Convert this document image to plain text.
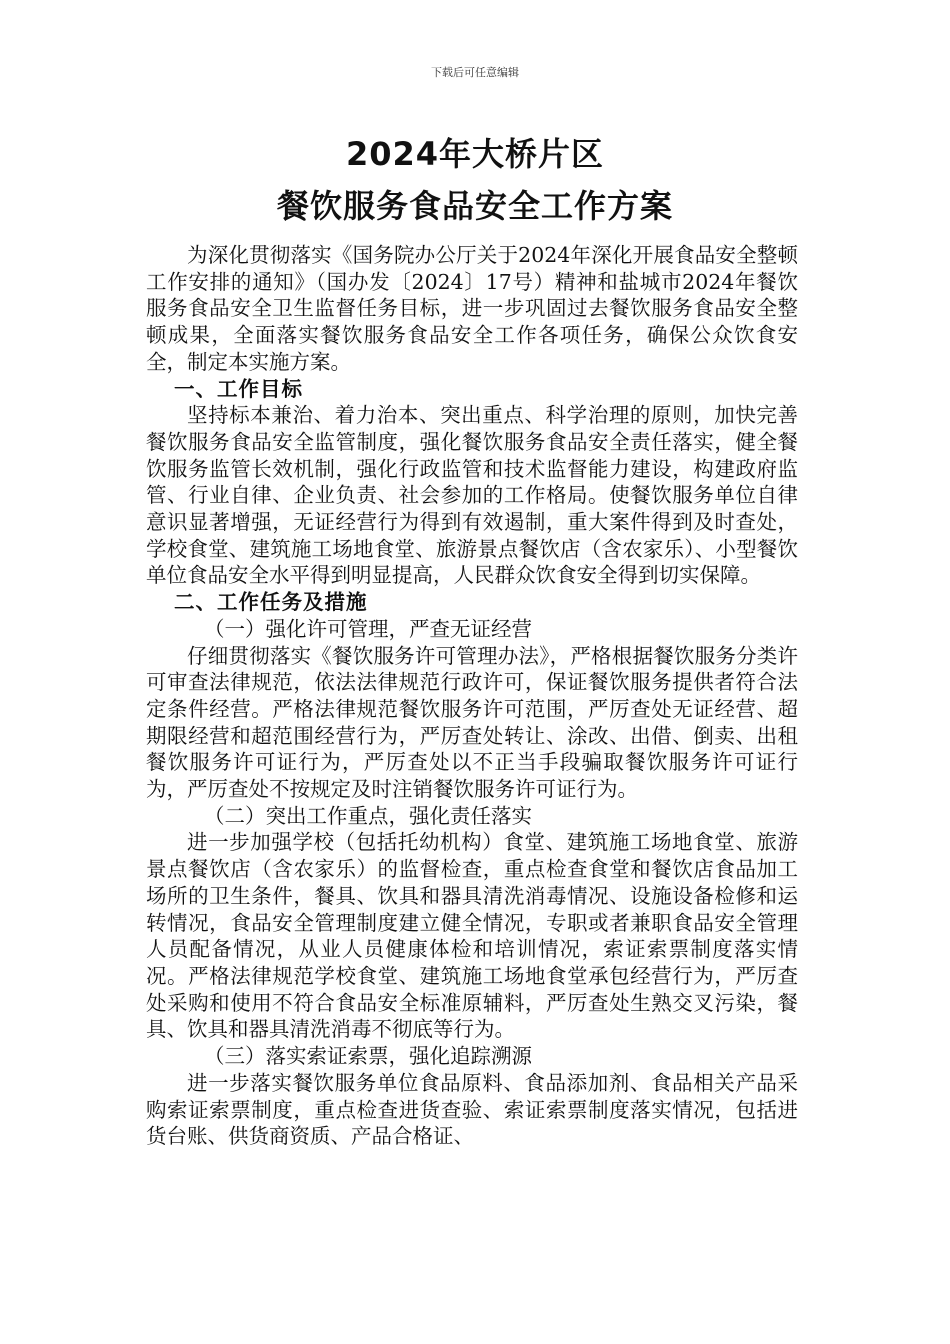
下载后可任意编辑
2024年大桥片区
餐饮服务食品安全工作方案

为深化贯彻落实《国务院办公厅关于2024年深化开展食品安全整顿工作安排的通知》（国办发〔2024〕17号）精神和盐城市2024年餐饮服务食品安全卫生监督任务目标，进一步巩固过去餐饮服务食品安全整顿成果，全面落实餐饮服务食品安全工作各项任务，确保公众饮食安全，制定本实施方案。

一、工作目标

坚持标本兼治、着力治本、突出重点、科学治理的原则，加快完善餐饮服务食品安全监管制度，强化餐饮服务食品安全责任落实，健全餐饮服务监管长效机制，强化行政监管和技术监督能力建设，构建政府监管、行业自律、企业负责、社会参加的工作格局。使餐饮服务单位自律意识显著增强，无证经营行为得到有效遏制，重大案件得到及时查处，学校食堂、建筑施工场地食堂、旅游景点餐饮店（含农家乐）、小型餐饮单位食品安全水平得到明显提高，人民群众饮食安全得到切实保障。

二、工作任务及措施

（一）强化许可管理，严查无证经营

仔细贯彻落实《餐饮服务许可管理办法》，严格根据餐饮服务分类许可审查法律规范，依法法律规范行政许可，保证餐饮服务提供者符合法定条件经营。严格法律规范餐饮服务许可范围，严厉查处无证经营、超期限经营和超范围经营行为，严厉查处转让、涂改、出借、倒卖、出租餐饮服务许可证行为，严厉查处以不正当手段骗取餐饮服务许可证行为，严厉查处不按规定及时注销餐饮服务许可证行为。

（二）突出工作重点，强化责任落实

进一步加强学校（包括托幼机构）食堂、建筑施工场地食堂、旅游景点餐饮店（含农家乐）的监督检查，重点检查食堂和餐饮店食品加工场所的卫生条件，餐具、饮具和器具清洗消毒情况、设施设备检修和运转情况，食品安全管理制度建立健全情况，专职或者兼职食品安全管理人员配备情况，从业人员健康体检和培训情况，索证索票制度落实情况。严格法律规范学校食堂、建筑施工场地食堂承包经营行为，严厉查处采购和使用不符合食品安全标准原辅料，严厉查处生熟交叉污染，餐具、饮具和器具清洗消毒不彻底等行为。

（三）落实索证索票，强化追踪溯源

进一步落实餐饮服务单位食品原料、食品添加剂、食品相关产品采购索证索票制度，重点检查进货查验、索证索票制度落实情况，包括进货台账、供货商资质、产品合格证、
